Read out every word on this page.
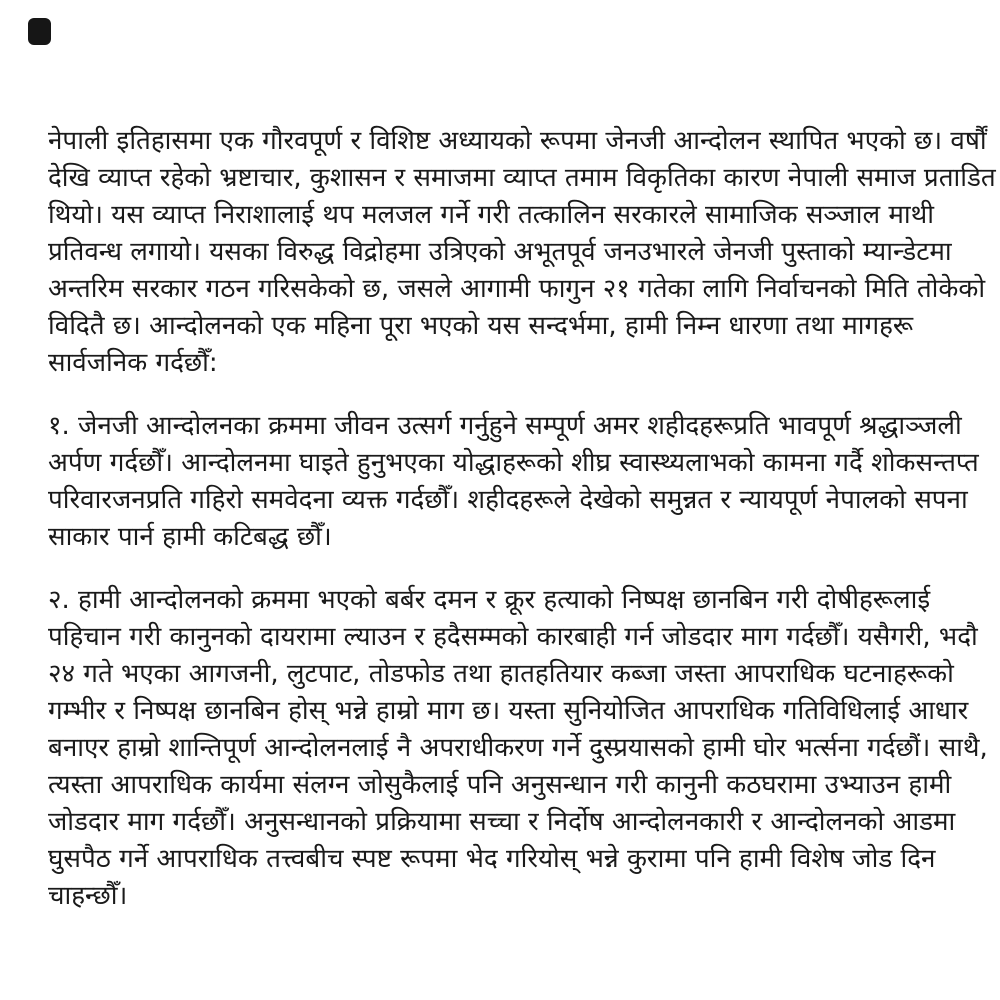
नेपाली इतिहासमा एक गौरवपूर्ण र विशिष्ट अध्यायको रूपमा जेनजी आन्दोलन स्थापित भएको छ। वर्षौं
देखि व्याप्त रहेको भ्रष्टाचार, कुशासन र समाजमा व्याप्त तमाम विकृतिका कारण नेपाली समाज प्रताडित
थियो। यस व्याप्त निराशालाई थप मलजल गर्ने गरी तत्कालिन सरकारले सामाजिक सञ्जाल माथी
प्रतिवन्ध लगायो। यसका विरुद्ध विद्रोहमा उत्रिएको अभूतपूर्व जनउभारले जेनजी पुस्ताको म्यान्डेटमा
अन्तरिम सरकार गठन गरिसकेको छ, जसले आगामी फागुन २१ गतेका लागि निर्वाचनको मिति तोकेको
विदितै छ। आन्दोलनको एक महिना पूरा भएको यस सन्दर्भमा, हामी निम्न धारणा तथा मागहरू
सार्वजनिक गर्दछौँ:

१. जेनजी आन्दोलनका क्रममा जीवन उत्सर्ग गर्नुहुने सम्पूर्ण अमर शहीदहरूप्रति भावपूर्ण श्रद्धाञ्जली
अर्पण गर्दछौँ। आन्दोलनमा घाइते हुनुभएका योद्धाहरूको शीघ्र स्वास्थ्यलाभको कामना गर्दै शोकसन्तप्त
परिवारजनप्रति गहिरो समवेदना व्यक्त गर्दछौँ। शहीदहरूले देखेको समुन्नत र न्यायपूर्ण नेपालको सपना
साकार पार्न हामी कटिबद्ध छौँ।

२. हामी आन्दोलनको क्रममा भएको बर्बर दमन र क्रूर हत्याको निष्पक्ष छानबिन गरी दोषीहरूलाई
पहिचान गरी कानुनको दायरामा ल्याउन र हदैसम्मको कारबाही गर्न जोडदार माग गर्दछौँ। यसैगरी, भदौ
२४ गते भएका आगजनी, लुटपाट, तोडफोड तथा हातहतियार कब्जा जस्ता आपराधिक घटनाहरूको
गम्भीर र निष्पक्ष छानबिन होस् भन्ने हाम्रो माग छ। यस्ता सुनियोजित आपराधिक गतिविधिलाई आधार
बनाएर हाम्रो शान्तिपूर्ण आन्दोलनलाई नै अपराधीकरण गर्ने दुस्प्रयासको हामी घोर भर्त्सना गर्दछौं। साथै,
त्यस्ता आपराधिक कार्यमा संलग्न जोसुकैलाई पनि अनुसन्धान गरी कानुनी कठघरामा उभ्याउन हामी
जोडदार माग गर्दछौँ। अनुसन्धानको प्रक्रियामा सच्चा र निर्दोष आन्दोलनकारी र आन्दोलनको आडमा
घुसपैठ गर्ने आपराधिक तत्त्वबीच स्पष्ट रूपमा भेद गरियोस् भन्ने कुरामा पनि हामी विशेष जोड दिन
चाहन्छौँ।
